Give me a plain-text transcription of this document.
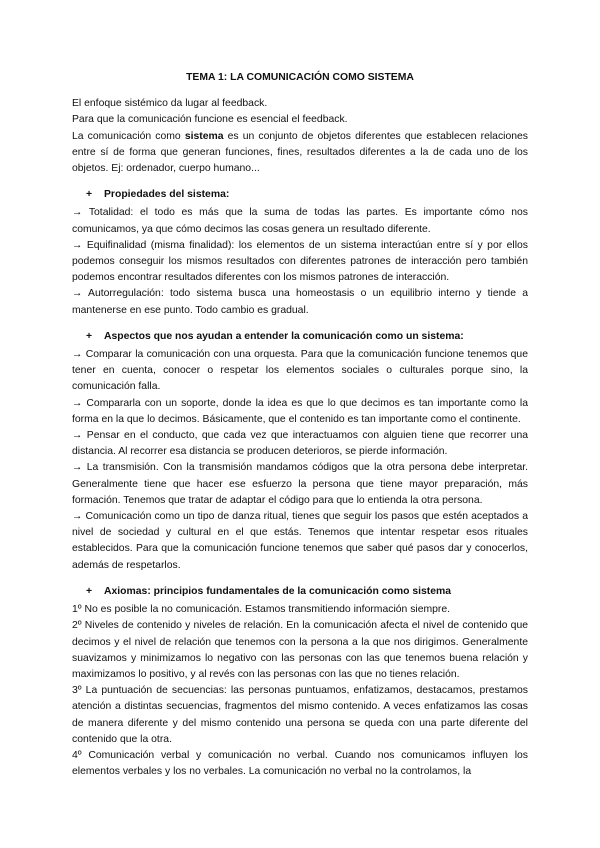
TEMA 1: LA COMUNICACIÓN COMO SISTEMA

El enfoque sistémico da lugar al feedback.

Para que la comunicación funcione es esencial el feedback.

La comunicación como sistema es un conjunto de objetos diferentes que establecen relaciones entre sí de forma que generan funciones, fines, resultados diferentes a la de cada uno de los objetos. Ej: ordenador, cuerpo humano...

+ Propiedades del sistema:

→ Totalidad: el todo es más que la suma de todas las partes. Es importante cómo nos comunicamos, ya que cómo decimos las cosas genera un resultado diferente.

→ Equifinalidad (misma finalidad): los elementos de un sistema interactúan entre sí y por ellos podemos conseguir los mismos resultados con diferentes patrones de interacción pero también podemos encontrar resultados diferentes con los mismos patrones de interacción.

→ Autorregulación: todo sistema busca una homeostasis o un equilibrio interno y tiende a mantenerse en ese punto. Todo cambio es gradual.

+ Aspectos que nos ayudan a entender la comunicación como un sistema:

→ Comparar la comunicación con una orquesta. Para que la comunicación funcione tenemos que tener en cuenta, conocer o respetar los elementos sociales o culturales porque sino, la comunicación falla.

→ Compararla con un soporte, donde la idea es que lo que decimos es tan importante como la forma en la que lo decimos. Básicamente, que el contenido es tan importante como el continente.

→ Pensar en el conducto, que cada vez que interactuamos con alguien tiene que recorrer una distancia. Al recorrer esa distancia se producen deterioros, se pierde información.

→ La transmisión. Con la transmisión mandamos códigos que la otra persona debe interpretar. Generalmente tiene que hacer ese esfuerzo la persona que tiene mayor preparación, más formación. Tenemos que tratar de adaptar el código para que lo entienda la otra persona.

→ Comunicación como un tipo de danza ritual, tienes que seguir los pasos que estén aceptados a nivel de sociedad y cultural en el que estás. Tenemos que intentar respetar esos rituales establecidos. Para que la comunicación funcione tenemos que saber qué pasos dar y conocerlos, además de respetarlos.

+ Axiomas: principios fundamentales de la comunicación como sistema

1º No es posible la no comunicación. Estamos transmitiendo información siempre.

2º Niveles de contenido y niveles de relación. En la comunicación afecta el nivel de contenido que decimos y el nivel de relación que tenemos con la persona a la que nos dirigimos. Generalmente suavizamos y minimizamos lo negativo con las personas con las que tenemos buena relación y maximizamos lo positivo, y al revés con las personas con las que no tienes relación.

3º La puntuación de secuencias: las personas puntuamos, enfatizamos, destacamos, prestamos atención a distintas secuencias, fragmentos del mismo contenido. A veces enfatizamos las cosas de manera diferente y del mismo contenido una persona se queda con una parte diferente del contenido que la otra.

4º Comunicación verbal y comunicación no verbal. Cuando nos comunicamos influyen los elementos verbales y los no verbales. La comunicación no verbal no la controlamos, la
